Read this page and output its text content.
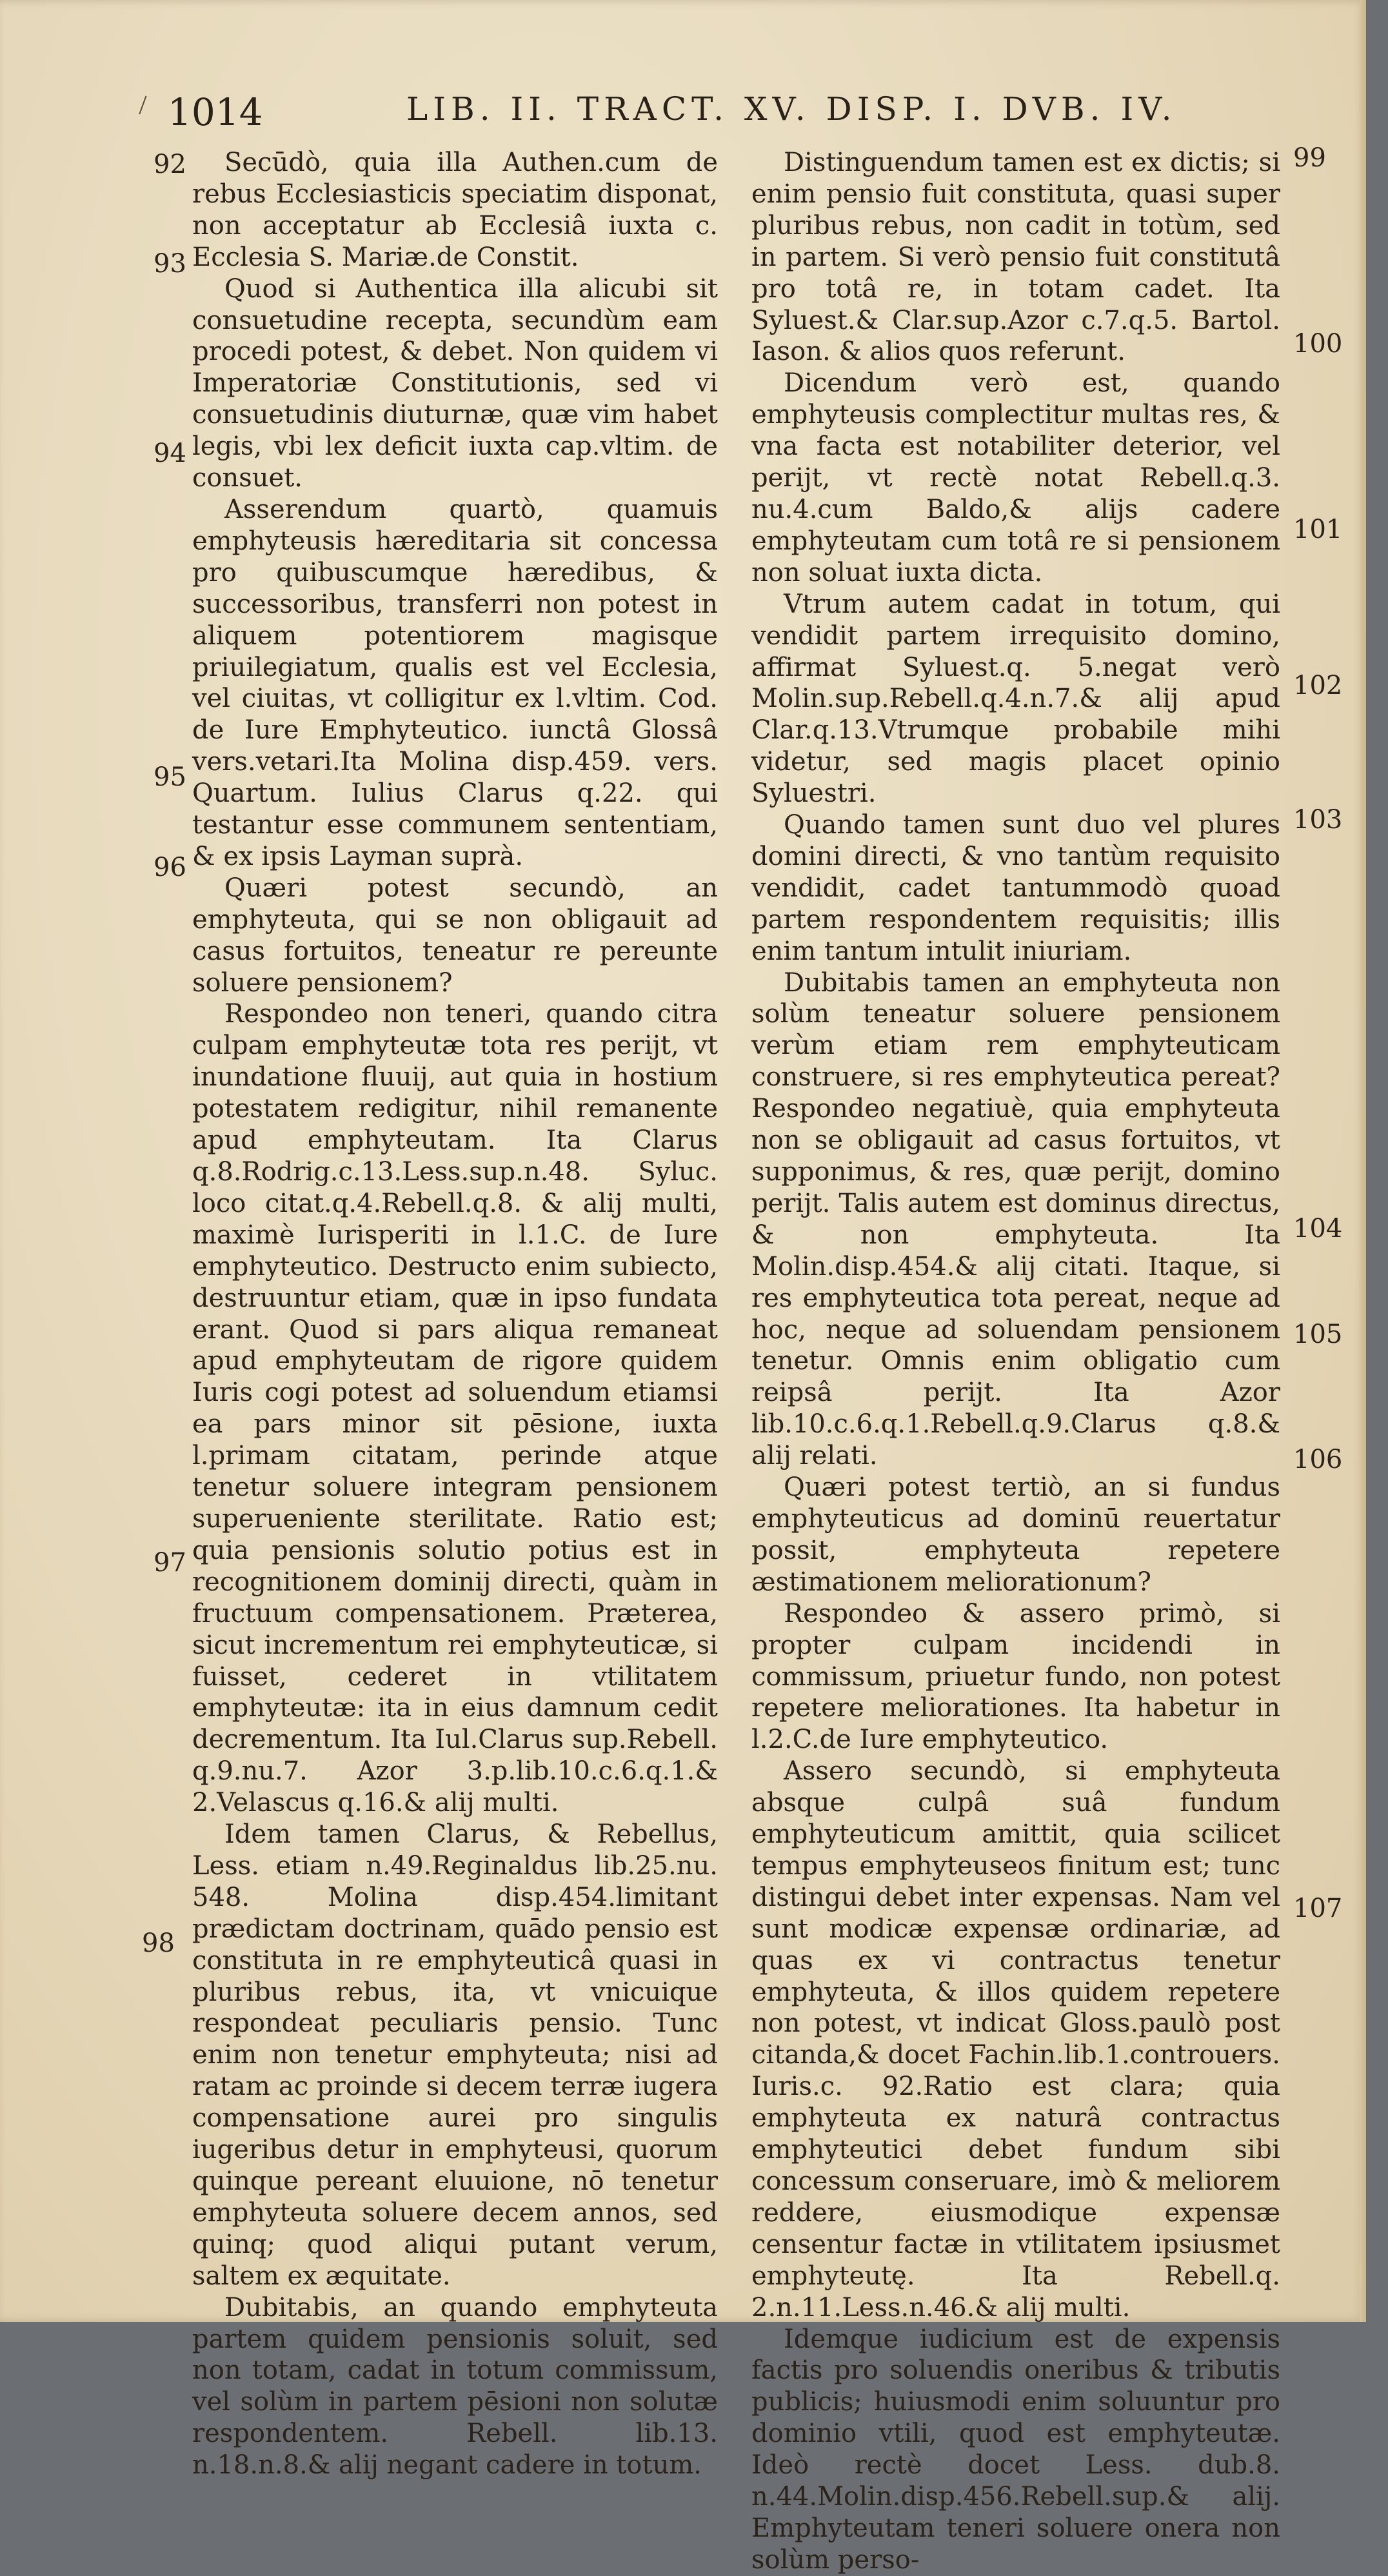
1014	LIB. II. TRACT. XV. DISP. I. DVB. IV.
92
93
94
95
96
97
98
99
100
101
102
103
104
105
106
107

Secūdò, quia illa Authen.cum de rebus Ecclesiasticis speciatim disponat, non acceptatur ab Ecclesiâ iuxta c. Ecclesia S. Mariæ.de Constit.

Quod si Authentica illa alicubi sit consuetudine recepta, secundùm eam procedi potest, & debet. Non quidem vi Imperatoriæ Constitutionis, sed vi consuetudinis diuturnæ, quæ vim habet legis, vbi lex deficit iuxta cap.vltim. de consuet.

Asserendum quartò, quamuis emphyteusis hæreditaria sit concessa pro quibuscumque hæredibus, & successoribus, transferri non potest in aliquem potentiorem magisque priuilegiatum, qualis est vel Ecclesia, vel ciuitas, vt colligitur ex l.vltim. Cod. de Iure Emphyteutico. iunctâ Glossâ vers.vetari.Ita Molina disp.459. vers. Quartum. Iulius Clarus q.22. qui testantur esse communem sententiam, & ex ipsis Layman suprà.

Quæri potest secundò, an emphyteuta, qui se non obligauit ad casus fortuitos, teneatur re pereunte soluere pensionem?

Respondeo non teneri, quando citra culpam emphyteutæ tota res perijt, vt inundatione fluuij, aut quia in hostium potestatem redigitur, nihil remanente apud emphyteutam. Ita Clarus q.8.Rodrig.c.13.Less.sup.n.48. Syluc. loco citat.q.4.Rebell.q.8. & alij multi, maximè Iurisperiti in l.1.C. de Iure emphyteutico. Destructo enim subiecto, destruuntur etiam, quæ in ipso fundata erant. Quod si pars aliqua remaneat apud emphyteutam de rigore quidem Iuris cogi potest ad soluendum etiamsi ea pars minor sit pēsione, iuxta l.primam citatam, perinde atque tenetur soluere integram pensionem superueniente sterilitate. Ratio est; quia pensionis solutio potius est in recognitionem dominij directi, quàm in fructuum compensationem. Præterea, sicut incrementum rei emphyteuticæ, si fuisset, cederet in vtilitatem emphyteutæ: ita in eius damnum cedit decrementum. Ita Iul.Clarus sup.Rebell. q.9.nu.7. Azor 3.p.lib.10.c.6.q.1.& 2.Velascus q.16.& alij multi.

Idem tamen Clarus, & Rebellus, Less. etiam n.49.Reginaldus lib.25.nu. 548. Molina disp.454.limitant prædictam doctrinam, quādo pensio est constituta in re emphyteuticâ quasi in pluribus rebus, ita, vt vnicuique respondeat peculiaris pensio. Tunc enim non tenetur emphyteuta; nisi ad ratam ac proinde si decem terræ iugera compensatione aurei pro singulis iugeribus detur in emphyteusi, quorum quinque pereant eluuione, nō tenetur emphyteuta soluere decem annos, sed quinq; quod aliqui putant verum, saltem ex æquitate.

Dubitabis, an quando emphyteuta partem quidem pensionis soluit, sed non totam, cadat in totum commissum, vel solùm in partem pēsioni non solutæ respondentem. Rebell. lib.13. n.18.n.8.& alij negant cadere in totum.

Distinguendum tamen est ex dictis; si enim pensio fuit constituta, quasi super pluribus rebus, non cadit in totùm, sed in partem. Si verò pensio fuit constitutâ pro totâ re, in totam cadet. Ita Syluest.& Clar.sup.Azor c.7.q.5. Bartol. Iason. & alios quos referunt.

Dicendum verò est, quando emphyteusis complectitur multas res, & vna facta est notabiliter deterior, vel perijt, vt rectè notat Rebell.q.3. nu.4.cum Baldo,& alijs cadere emphyteutam cum totâ re si pensionem non soluat iuxta dicta.

Vtrum autem cadat in totum, qui vendidit partem irrequisito domino, affirmat Syluest.q. 5.negat verò Molin.sup.Rebell.q.4.n.7.& alij apud Clar.q.13.Vtrumque probabile mihi videtur, sed magis placet opinio Syluestri.

Quando tamen sunt duo vel plures domini directi, & vno tantùm requisito vendidit, cadet tantummodò quoad partem respondentem requisitis; illis enim tantum intulit iniuriam.

Dubitabis tamen an emphyteuta non solùm teneatur soluere pensionem verùm etiam rem emphyteuticam construere, si res emphyteutica pereat? Respondeo negatiuè, quia emphyteuta non se obligauit ad casus fortuitos, vt supponimus, & res, quæ perijt, domino perijt. Talis autem est dominus directus, & non emphyteuta. Ita Molin.disp.454.& alij citati. Itaque, si res emphyteutica tota pereat, neque ad hoc, neque ad soluendam pensionem tenetur. Omnis enim obligatio cum reipsâ perijt. Ita Azor lib.10.c.6.q.1.Rebell.q.9.Clarus q.8.& alij relati.

Quæri potest tertiò, an si fundus emphyteuticus ad dominū reuertatur possit, emphyteuta repetere æstimationem meliorationum?

Respondeo & assero primò, si propter culpam incidendi in commissum, priuetur fundo, non potest repetere meliorationes. Ita habetur in l.2.C.de Iure emphyteutico.

Assero secundò, si emphyteuta absque culpâ suâ fundum emphyteuticum amittit, quia scilicet tempus emphyteuseos finitum est; tunc distingui debet inter expensas. Nam vel sunt modicæ expensæ ordinariæ, ad quas ex vi contractus tenetur emphyteuta, & illos quidem repetere non potest, vt indicat Gloss.paulò post citanda,& docet Fachin.lib.1.controuers. Iuris.c. 92.Ratio est clara; quia emphyteuta ex naturâ contractus emphyteutici debet fundum sibi concessum conseruare, imò & meliorem reddere, eiusmodique expensæ censentur factæ in vtilitatem ipsiusmet emphyteutę. Ita Rebell.q. 2.n.11.Less.n.46.& alij multi.

Idemque iudicium est de expensis factis pro soluendis oneribus & tributis publicis; huiusmodi enim soluuntur pro dominio vtili, quod est emphyteutæ. Ideò rectè docet Less. dub.8. n.44.Molin.disp.456.Rebell.sup.& alij. Emphyteutam teneri soluere onera non solùm perso-
